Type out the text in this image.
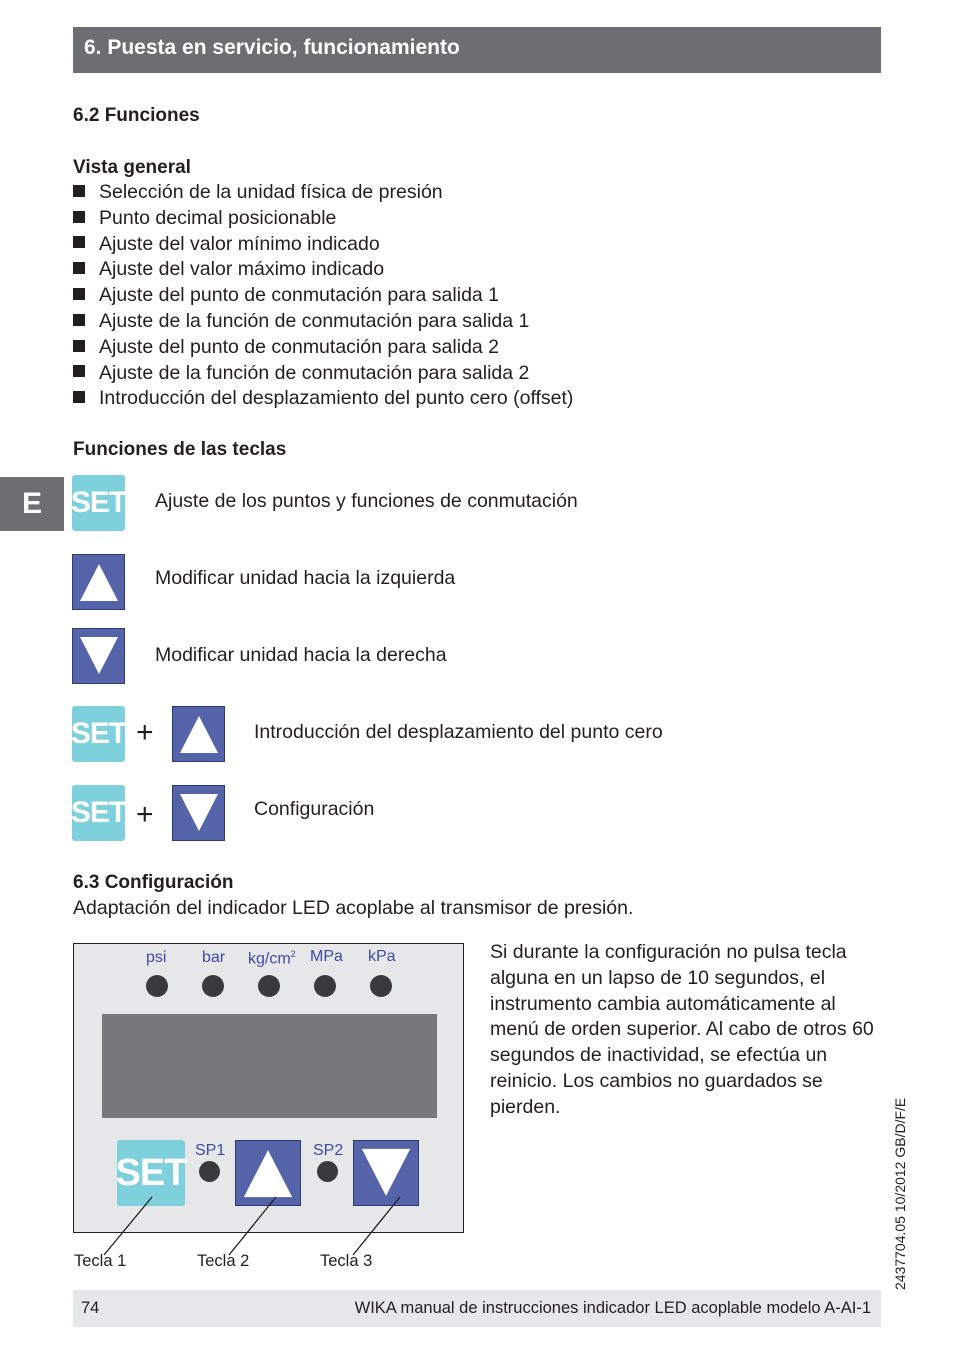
6. Puesta en servicio, funcionamiento
E
6.2 Funciones
Vista general
Selección de la unidad física de presión
Punto decimal posicionable
Ajuste del valor mínimo indicado
Ajuste del valor máximo indicado
Ajuste del punto de conmutación para salida 1
Ajuste de la función de conmutación para salida 1
Ajuste del punto de conmutación para salida 2
Ajuste de la función de conmutación para salida 2
Introducción del desplazamiento del punto cero (offset)
Funciones de las teclas
SET Ajuste de los puntos y funciones de conmutación
Modificar unidad hacia la izquierda
Modificar unidad hacia la derecha
SET +	Introducción del desplazamiento del punto cero
SET +	Configuración
6.3 Configuración
Adaptación del indicador LED acoplabe al transmisor de presión.
psi bar $kg/cm^2$ MPa kPa
SET
SP1	SP2
Tecla 1	Tecla 2	Tecla 3
Si durante la configuración no pulsa tecla alguna en un lapso de 10 segundos, el instrumento cambia automáticamente al menú de orden superior. Al cabo de otros 60 segundos de inactividad, se efectúa un reinicio. Los cambios no guardados se pierden.	2437704.05 10/2012 GB/D/F/E
74	WIKA manual de instrucciones indicador LED acoplable modelo A-AI-1
